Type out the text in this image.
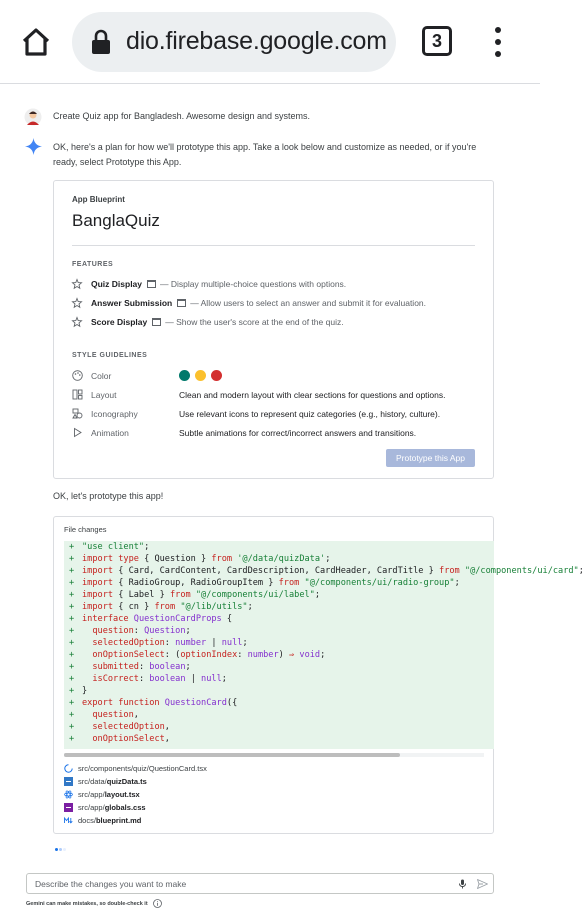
dio.firebase.google.com	3
Create Quiz app for Bangladesh. Awesome design and systems.
OK, here's a plan for how we'll prototype this app. Take a look below and customize as needed, or if you're ready, select Prototype this App.
App Blueprint
BanglaQuiz
FEATURES
Quiz Display — Display multiple-choice questions with options.
Answer Submission — Allow users to select an answer and submit it for evaluation.
Score Display — Show the user's score at the end of the quiz.
STYLE GUIDELINES
Color
Layout	Clean and modern layout with clear sections for questions and options.
Iconography	Use relevant icons to represent quiz categories (e.g., history, culture).
Animation	Subtle animations for correct/incorrect answers and transitions.
Prototype this App
OK, let's prototype this app!
File changes
+ "use client";
+ import type { Question } from '@/data/quizData';
+ import { Card, CardContent, CardDescription, CardHeader, CardTitle } from "@/components/ui/card";
+ import { RadioGroup, RadioGroupItem } from "@/components/ui/radio-group";
+ import { Label } from "@/components/ui/label";
+ import { cn } from "@/lib/utils";
+ interface QuestionCardProps {
+ question: Question;
+ selectedOption: number | null;
+ onOptionSelect: (optionIndex: number) ⇒ void;
+ submitted: boolean;
+ isCorrect: boolean | null;
+ }
+ export function QuestionCard({
+ question,
+ selectedOption,
+ onOptionSelect,
src/components/quiz/ QuestionCard.tsx
src/data/ quizData.ts
src/app/ layout.tsx
src/app/ globals.css
docs/ blueprint.md
Describe the changes you want to make
Gemini can make mistakes, so double-check it
